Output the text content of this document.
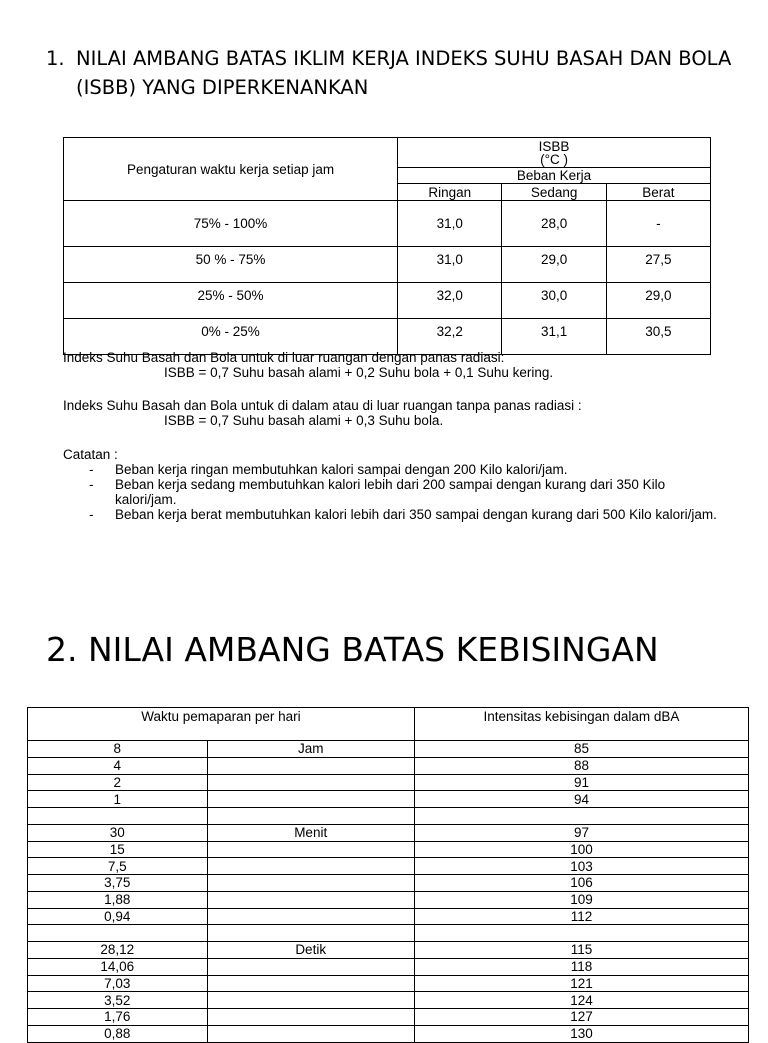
1. NILAI AMBANG BATAS IKLIM KERJA INDEKS SUHU BASAH DAN BOLA (ISBB) YANG DIPERKENANKAN
Pengaturan waktu kerja setiap jam	ISBB
(°C )		

	Beban Kerja		
	Ringan	Sedang	Berat
75% - 100%	31,0	28,0	-
50 % - 75%	31,0	29,0	27,5
25% - 50%	32,0	30,0	29,0
0% - 25%	32,2	31,1	30,5

Indeks Suhu Basah dan Bola untuk di luar ruangan dengan panas radiasi:

ISBB = 0,7 Suhu basah alami + 0,2 Suhu bola + 0,1 Suhu kering.

Indeks Suhu Basah dan Bola untuk di dalam atau di luar ruangan tanpa panas radiasi :

ISBB = 0,7 Suhu basah alami + 0,3 Suhu bola.

Catatan :

-	Beban kerja ringan membutuhkan kalori sampai dengan 200 Kilo kalori/jam.
-	Beban kerja sedang membutuhkan kalori lebih dari 200 sampai dengan kurang dari 350 Kilo kalori/jam.
-	Beban kerja berat membutuhkan kalori lebih dari 350 sampai dengan kurang dari 500 Kilo kalori/jam.
2. NILAI AMBANG BATAS KEBISINGAN
Waktu pemaparan per hari		Intensitas kebisingan dalam dBA
8	Jam	85
4		88
2		91
1		94

30	Menit	97
15		100
7,5		103
3,75		106
1,88		109
0,94		112

28,12	Detik	115
14,06		118
7,03		121
3,52		124
1,76		127
0,88		130
